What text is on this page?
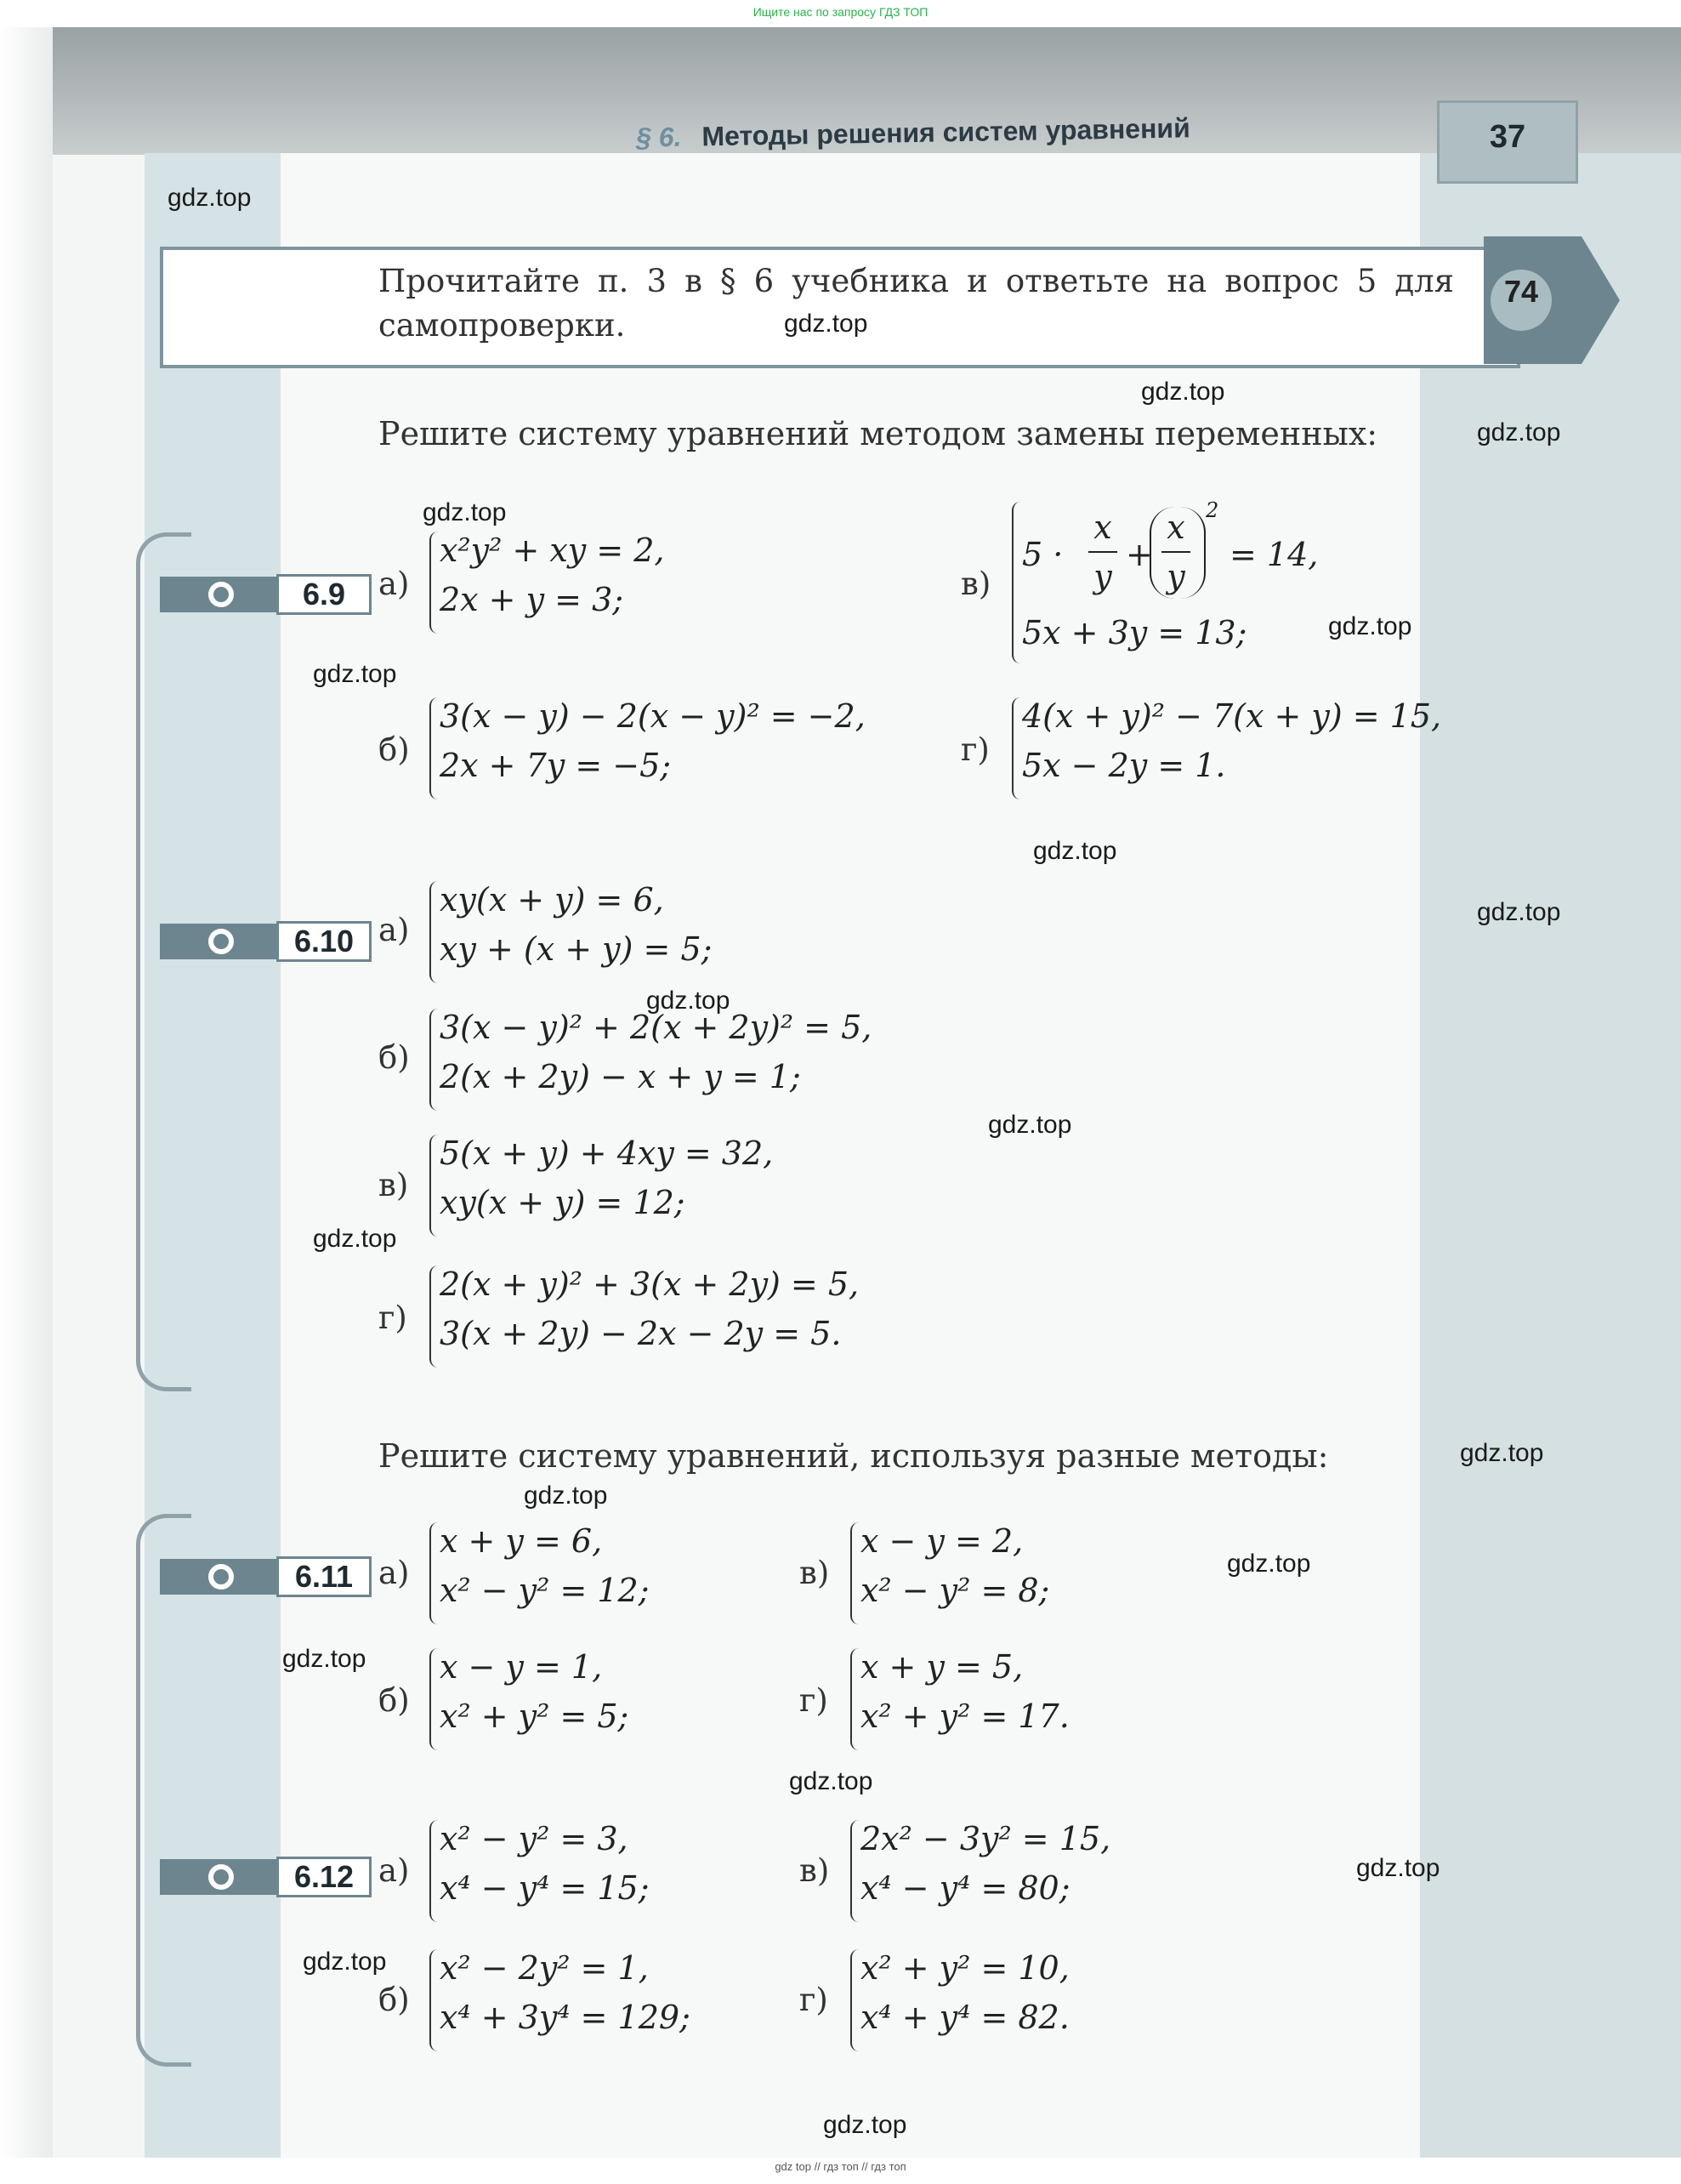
Ищите нас по запросу ГДЗ ТОП
§ 6. Методы решения систем уравнений	37
Прочитайте п. 3 в § 6 учебника и ответьте на вопрос 5 для самопроверки.
74
Решите систему уравнений методом замены переменных:
6.9	а)
x²y² + xy = 2,
2x + y = 3;
б)
3(x − y) − 2(x − y)² = −2,
2x + 7y = −5;
в)
5 ·
x
y
+
x
y
2
= 14,
5x + 3y = 13;
г)
4(x + y)² − 7(x + y) = 15,
5x − 2y = 1.
6.10 а)
xy(x + y) = 6,
xy + (x + y) = 5;
б)
3(x − y)² + 2(x + 2y)² = 5,
2(x + 2y) − x + y = 1;
в)
5(x + y) + 4xy = 32,
xy(x + y) = 12;
г)
2(x + y)² + 3(x + 2y) = 5,
3(x + 2y) − 2x − 2y = 5.
Решите систему уравнений, используя разные методы:
6.11 а)
x + y = 6,
x² − y² = 12;
б)
x − y = 1,
x² + y² = 5;
в)
x − y = 2,
x² − y² = 8;
г)
x + y = 5,
x² + y² = 17.
6.12 а)
x² − y² = 3,
x⁴ − y⁴ = 15;
б)
x² − 2y² = 1,
x⁴ + 3y⁴ = 129;
в)
2x² − 3y² = 15,
x⁴ − y⁴ = 80;
г)
x² + y² = 10,
x⁴ + y⁴ = 82.
gdz.top
gdz.top
gdz.top
gdz.top
gdz.top
gdz.top
gdz.top
gdz.top
gdz.top
gdz.top
gdz.top
gdz.top
gdz.top
gdz.top
gdz.top
gdz.top
gdz.top
gdz.top
gdz.top
gdz.top
gdz top // гдз топ // гдз топ
